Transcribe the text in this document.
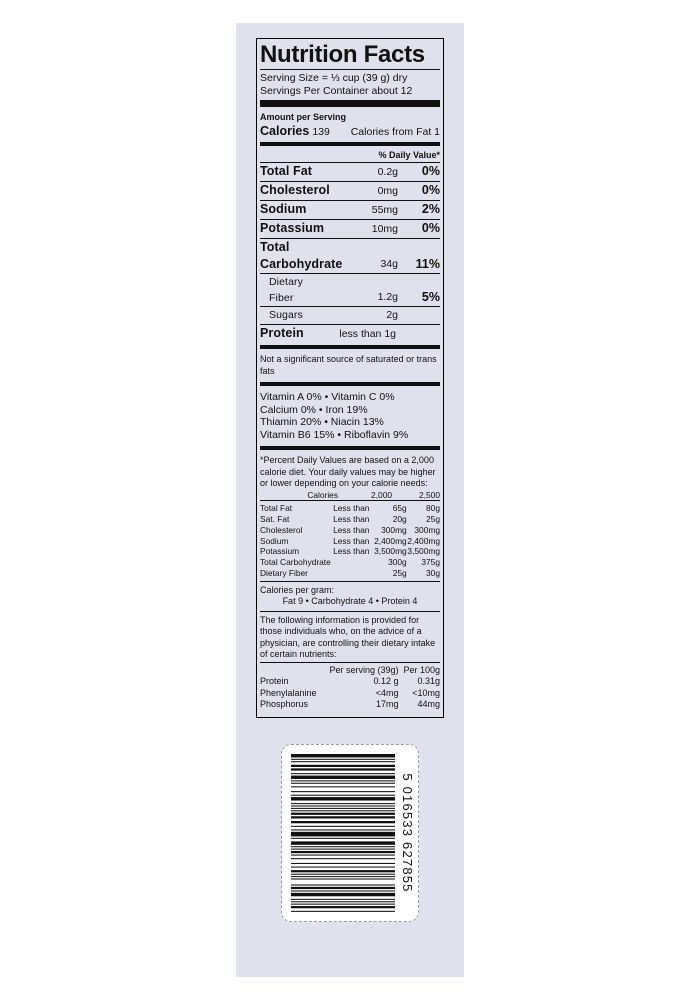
Nutrition Facts
Serving Size = ⅓ cup (39 g) dry
Servings Per Container about 12
Amount per Serving
Calories 139	Calories from Fat 1
% Daily Value*
Total Fat	0.2g	0%
Cholesterol	0mg	0%
Sodium	55mg	2%
Potassium	10mg	0%
Total
Carbohydrate	34g	11%
Dietary
Fiber	1.2g	5%
Sugars	2g
Protein	less than 1g
Not a significant source of saturated or trans fats
Vitamin A 0% • Vitamin C 0%
Calcium 0% • Iron 19%
Thiamin 20% • Niacin 13%
Vitamin B6 15% • Riboflavin 9%
*Percent Daily Values are based on a 2,000 calorie diet. Your daily values may be higher or lower depending on your calorie needs:
	Calories	2,000	2,500
Total Fat	Less than	65g	80g
Sat. Fat	Less than	20g	25g
Cholesterol	Less than	300mg	300mg
Sodium	Less than	2,400mg	2,400mg
Potassium	Less than	3,500mg	3,500mg
Total Carbohydrate		300g	375g
Dietary Fiber		25g	30g
Calories per gram:
Fat 9 • Carbohydrate 4 • Protein 4
The following information is provided for those individuals who, on the advice of a physician, are controlling their dietary intake of certain nutrients:
	Per serving (39g)	Per 100g
Protein	0.12 g	0.31g
Phenylalanine	<4mg	<10mg
Phosphorus	17mg	44mg
5 016533 627855
